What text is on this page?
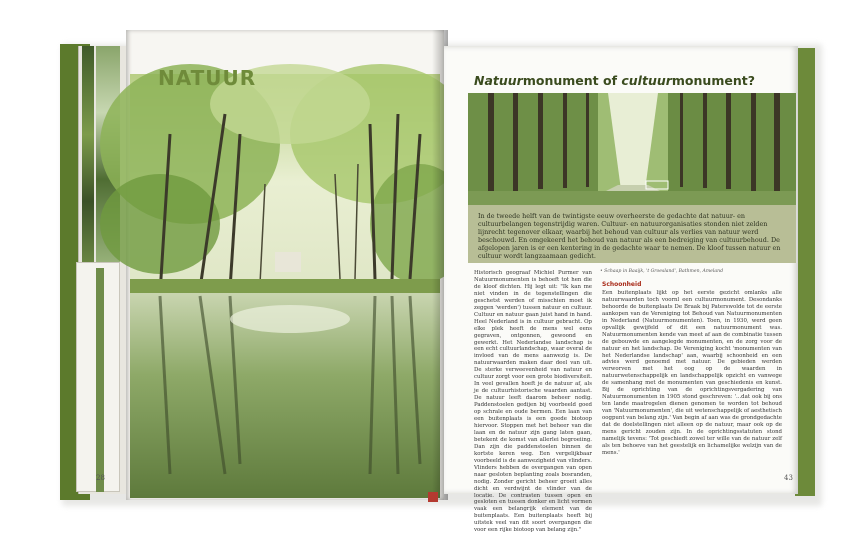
28
NATUUR	Natuurmonument of cultuurmonument?
In de tweede helft van de twintigste eeuw overheerste de gedachte dat natuur- en cultuurbelangen tegenstrijdig waren. Cultuur- en natuurorganisaties stonden niet zelden lijnrecht tegenover elkaar, waarbij het behoud van cultuur als verlies van natuur werd beschouwd. En omgekeerd het behoud van natuur als een bedreiging van cultuurbehoud. De afgelopen jaren is er een kentering in de gedachte waar te nemen. De kloof tussen natuur en cultuur wordt langzaamaan gedicht.
• Schaap in Baaijk, 't Groesland', Bathmen, Ameland
Historisch geograaf Michiel Purmer van Natuurmonumenten is behoeft tot hen die de kloof dichten. Hij legt uit: "Ik kan me niet vinden in de tegenstellingen die geschetst werden of misschien moet ik zeggen 'werden') tussen natuur en cultuur. Cultuur en natuur gaan juist hand in hand. Heel Nederland is in cultuur gebracht. Op elke plek heeft de mens wel eens gegraven, ontgonnen, gewoond en gewerkt. Het Nederlandse landschap is een echt cultuurlandschap, waar overal de invloed van de mens aanwezig is. De natuurwaarden maken daar deel van uit. De sterke verweevenheid van natuur en cultuur zorgt voor een grote biodiversiteit. In veel gevallen hoeft je de natuur af, als je de cultuurhistorische waarden aantast. De natuur leeft daarom beheer nodig. Paddenstoelen gedijen bij voorbeeld goed op schrale en oude bermen. Een laan van een buitenplaats is een goede biotoop hiervoor. Stoppen met het beheer van die laan en de natuur zijn gang laten gaan, betekent de komst van allerlei begroeiing. Dan zijn die paddenstoelen binnen de kortste keren weg. Een vergelijkbaar voorbeeld is de aanwezigheid van vlinders. Vlinders hebben de overgangen van open naar gesloten beplanting zoals bosranden, nodig. Zonder gericht beheer groeit alles dicht en verdwijnt de vlinder van de locatie. De contrasten tussen open en gesloten en tussen donker en licht vormen vaak een belangrijk element van de buitenplaats. Een buitenplaats heeft bij uitstek veel van dit soort overgangen die voor een rijke biotoop van belang zijn."
Schoonheid
Een buitenplaats lijkt op het eerste gezicht omlanks alle natuurwaarden toch voornl een cultuurmonument. Desondanks behoorde de buitenplaats De Braak bij Paterswolde tot de eerste aankopen van de Vereniging tot Behoud van Natuurmonumenten in Nederland (Natuurmonumenten). Toen, in 1930, werd geen opvallijk gewijfeld of dit een natuurmonument was. Natuurmonumenten kende van meet af aan de combinatie tussen de gebouwde en aangelegde monumenten, en de zorg voor de natuur en het landschap. De Vereniging kocht 'monumenten van het Nederlandse landschap' aan, waarbij schoonheid en een advies werd genoemd met natuur. De gebieden werden verworven met het oog op de waarden in natuurwetenschappelijk en landschappelijk opzicht en vanwege de samenhang met de monumenten van geschiedenis en kunst. Bij de oprichting van de oprichtingsvergadering van Natuurmonumenten in 1905 stond geschreven: '...dat ook bij ons ten lande maatregelen dienen genomen te worden tot behoud van 'Natuurmonumenten', die uit wetenschappelijk of aesthetisch oogpunt van belang zijn.' Van begin af aan was de grondgedachte dat de doelstellingen niet alleen op de natuur, maar ook op de mens gericht zouden zijn. In de oprichtingsstatuten stond namelijk tevens: 'Tot geschiedt zowel ter wille van de natuur zelf als ten behoeve van het geestelijk en lichamelijke welzijn van de mens.'
43
